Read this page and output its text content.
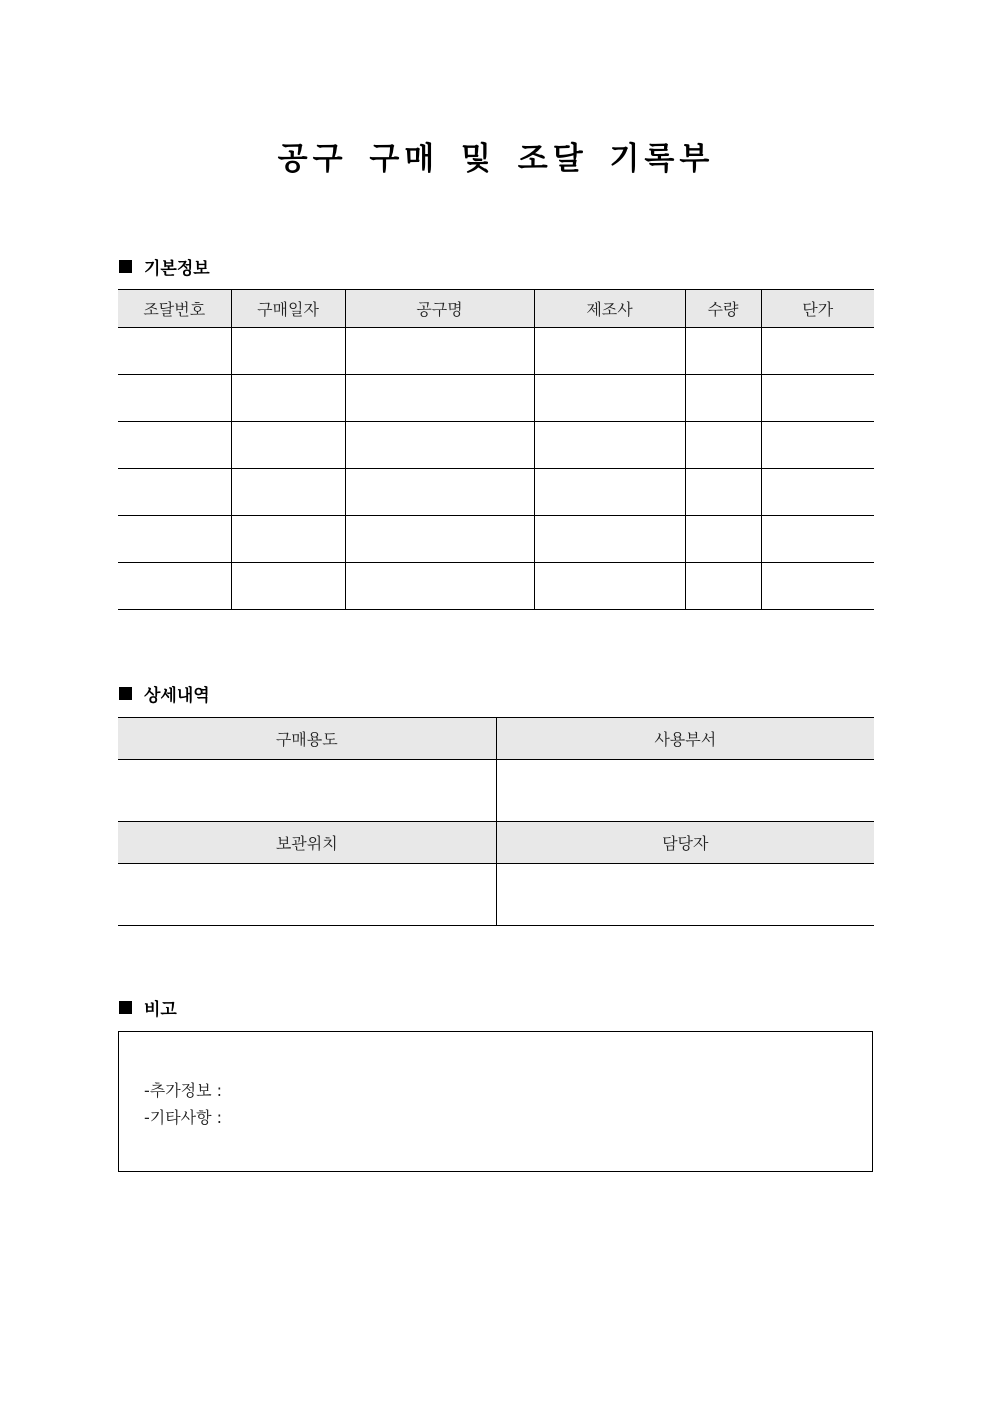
공구 구매 및 조달 기록부
기본정보
조달번호	구매일자	공구명	제조사	수량	단가

상세내역
구매용도	사용부서

보관위치	담당자

비고
-추가정보 :
-기타사항 :
